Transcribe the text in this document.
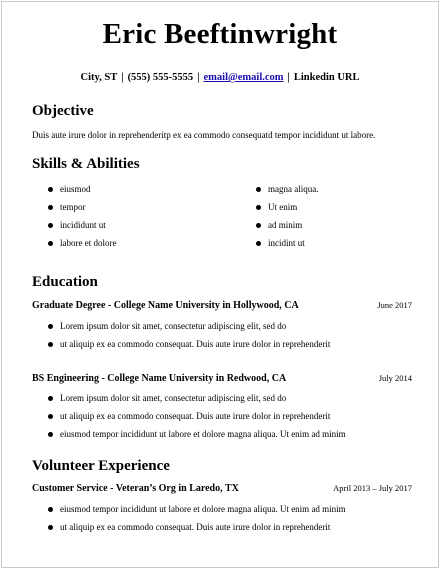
Eric Beeftinwright
City, ST | (555) 555-5555 | email@email.com | Linkedin URL
Objective
Duis aute irure dolor in reprehenderitp ex ea commodo consequatd tempor incididunt ut labore.
Skills & Abilities
eiusmod
tempor
incididunt ut
labore et dolore
magna aliqua.
Ut enim
ad minim
incidint ut
Education
Graduate Degree - College Name University in Hollywood, CA	June 2017
Lorem ipsum dolor sit amet, consectetur adipiscing elit, sed do
ut aliquip ex ea commodo consequat. Duis aute irure dolor in reprehenderit
BS Engineering - College Name University in Redwood, CA	July 2014
Lorem ipsum dolor sit amet, consectetur adipiscing elit, sed do
ut aliquip ex ea commodo consequat. Duis aute irure dolor in reprehenderit
eiusmod tempor incididunt ut labore et dolore magna aliqua. Ut enim ad minim
Volunteer Experience
Customer Service - Veteran’s Org in Laredo, TX	April 2013 – July 2017
eiusmod tempor incididunt ut labore et dolore magna aliqua. Ut enim ad minim
ut aliquip ex ea commodo consequat. Duis aute irure dolor in reprehenderit
